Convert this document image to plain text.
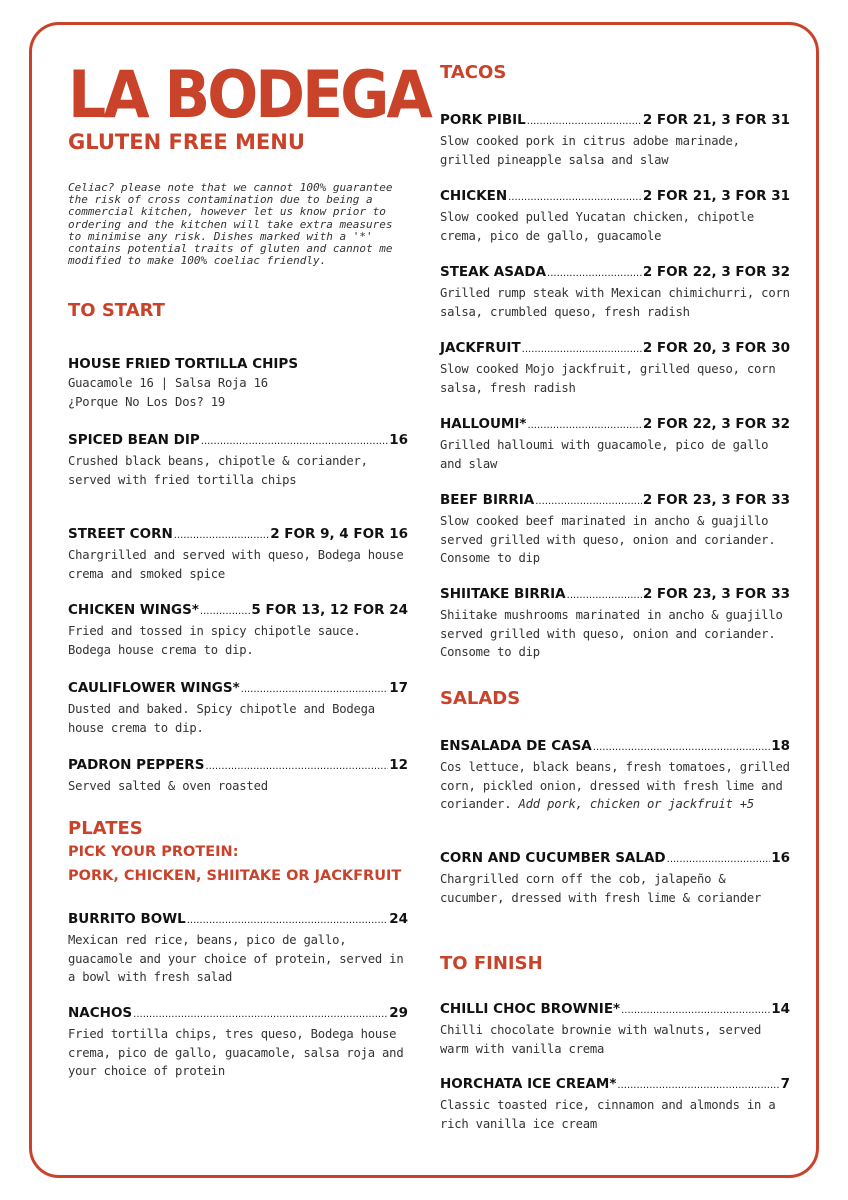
LA BODEGA
GLUTEN FREE MENU
Celiac? please note that we cannot 100% guarantee the risk of cross contamination due to being a commercial kitchen, however let us know prior to ordering and the kitchen will take extra measures to minimise any risk. Dishes marked with a '*' contains potential traits of gluten and cannot me modified to make 100% coeliac friendly.
TO START
HOUSE FRIED TORTILLA CHIPS
Guacamole 16 | Salsa Roja 16
¿Porque No Los Dos? 19
SPICED BEAN DIP .....	16
Crushed black beans, chipotle & coriander, served with fried tortilla chips
STREET CORN .....	2 FOR 9, 4 FOR 16
Chargrilled and served with queso, Bodega house crema and smoked spice
CHICKEN WINGS* .....	5 FOR 13, 12 FOR 24
Fried and tossed in spicy chipotle sauce. Bodega house crema to dip.
CAULIFLOWER WINGS* .....	17
Dusted and baked. Spicy chipotle and Bodega house crema to dip.
PADRON PEPPERS .....	12
Served salted & oven roasted
PLATES
PICK YOUR PROTEIN:
PORK, CHICKEN, SHIITAKE OR JACKFRUIT
BURRITO BOWL .....	24
Mexican red rice, beans, pico de gallo, guacamole and your choice of protein, served in a bowl with fresh salad
NACHOS .....	29
Fried tortilla chips, tres queso, Bodega house crema, pico de gallo, guacamole, salsa roja and your choice of protein
TACOS
PORK PIBIL .....	2 FOR 21, 3 FOR 31
Slow cooked pork in citrus adobe marinade, grilled pineapple salsa and slaw
CHICKEN .....	2 FOR 21, 3 FOR 31
Slow cooked pulled Yucatan chicken, chipotle crema, pico de gallo, guacamole
STEAK ASADA .....	2 FOR 22, 3 FOR 32
Grilled rump steak with Mexican chimichurri, corn salsa, crumbled queso, fresh radish
JACKFRUIT .....	2 FOR 20, 3 FOR 30
Slow cooked Mojo jackfruit, grilled queso, corn salsa, fresh radish
HALLOUMI* .....	2 FOR 22, 3 FOR 32
Grilled halloumi with guacamole, pico de gallo and slaw
BEEF BIRRIA .....	2 FOR 23, 3 FOR 33
Slow cooked beef marinated in ancho & guajillo served grilled with queso, onion and coriander. Consome to dip
SHIITAKE BIRRIA .....	2 FOR 23, 3 FOR 33
Shiitake mushrooms marinated in ancho & guajillo served grilled with queso, onion and coriander. Consome to dip
SALADS
ENSALADA DE CASA .....	18
Cos lettuce, black beans, fresh tomatoes, grilled corn, pickled onion, dressed with fresh lime and coriander. Add pork, chicken or jackfruit +5
CORN AND CUCUMBER SALAD .....	16
Chargrilled corn off the cob, jalapeño & cucumber, dressed with fresh lime & coriander
TO FINISH
CHILLI CHOC BROWNIE* .....	14
Chilli chocolate brownie with walnuts, served warm with vanilla crema
HORCHATA ICE CREAM* .....	7
Classic toasted rice, cinnamon and almonds in a rich vanilla ice cream
